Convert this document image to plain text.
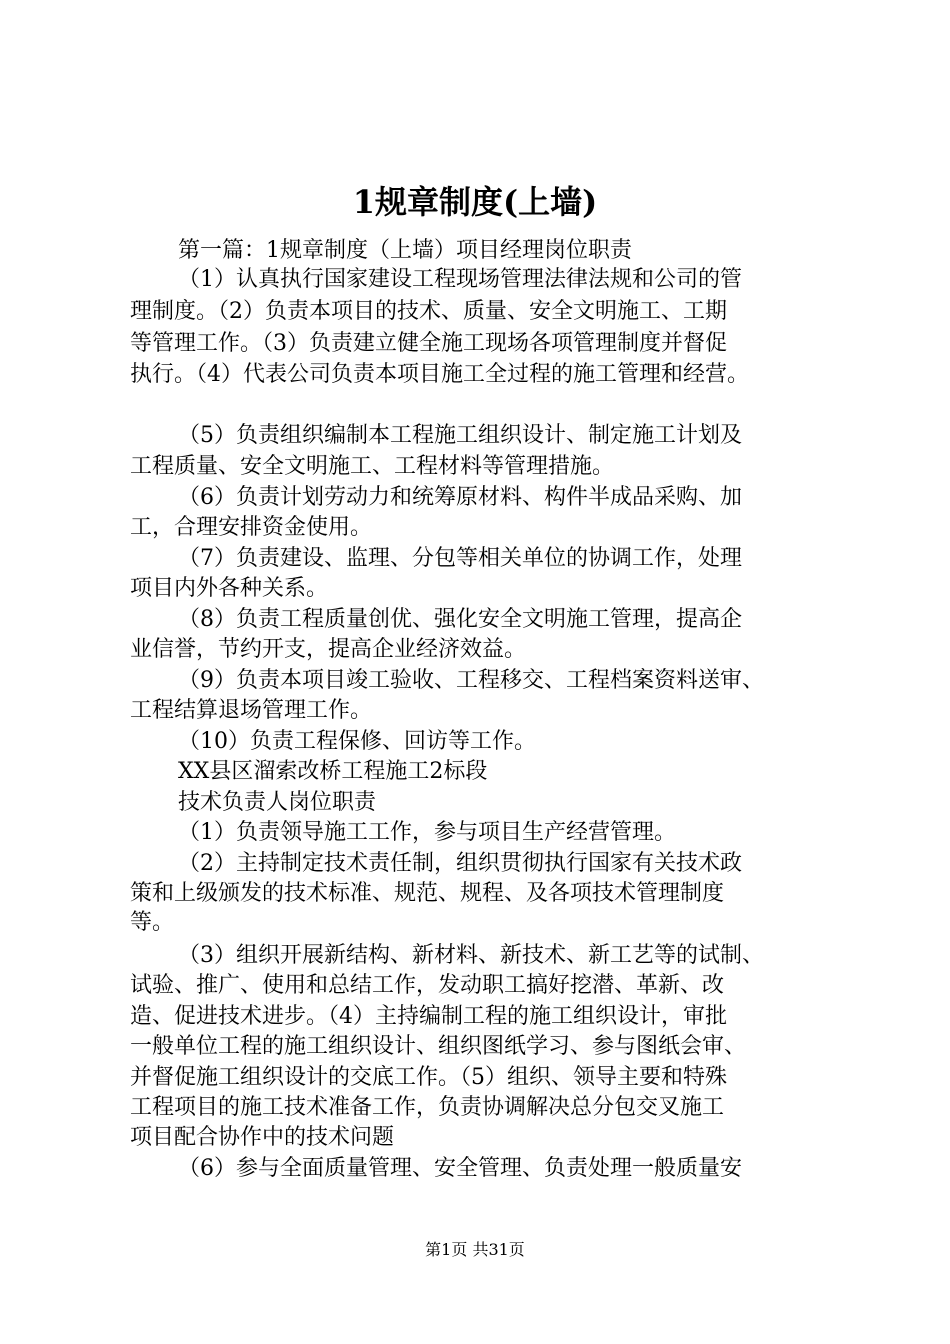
1规章制度(上墙)
第一篇：1规章制度（上墙）项目经理岗位职责
（1）认真执行国家建设工程现场管理法律法规和公司的管
理制度。（2）负责本项目的技术、质量、安全文明施工、工期
等管理工作。（3）负责建立健全施工现场各项管理制度并督促
执行。（4）代表公司负责本项目施工全过程的施工管理和经营。
（5）负责组织编制本工程施工组织设计、制定施工计划及
工程质量、安全文明施工、工程材料等管理措施。
（6）负责计划劳动力和统筹原材料、构件半成品采购、加
工，合理安排资金使用。
（7）负责建设、监理、分包等相关单位的协调工作，处理
项目内外各种关系。
（8）负责工程质量创优、强化安全文明施工管理，提高企
业信誉，节约开支，提高企业经济效益。
（9）负责本项目竣工验收、工程移交、工程档案资料送审、
工程结算退场管理工作。
（10）负责工程保修、回访等工作。
XX县区溜索改桥工程施工2标段
技术负责人岗位职责
（1）负责领导施工工作，参与项目生产经营管理。
（2）主持制定技术责任制，组织贯彻执行国家有关技术政
策和上级颁发的技术标准、规范、规程、及各项技术管理制度
等。
（3）组织开展新结构、新材料、新技术、新工艺等的试制、
试验、推广、使用和总结工作，发动职工搞好挖潜、革新、改
造、促进技术进步。（4）主持编制工程的施工组织设计，审批
一般单位工程的施工组织设计、组织图纸学习、参与图纸会审、
并督促施工组织设计的交底工作。（5）组织、领导主要和特殊
工程项目的施工技术准备工作，负责协调解决总分包交叉施工
项目配合协作中的技术问题
（6）参与全面质量管理、安全管理、负责处理一般质量安
第1页 共31页
